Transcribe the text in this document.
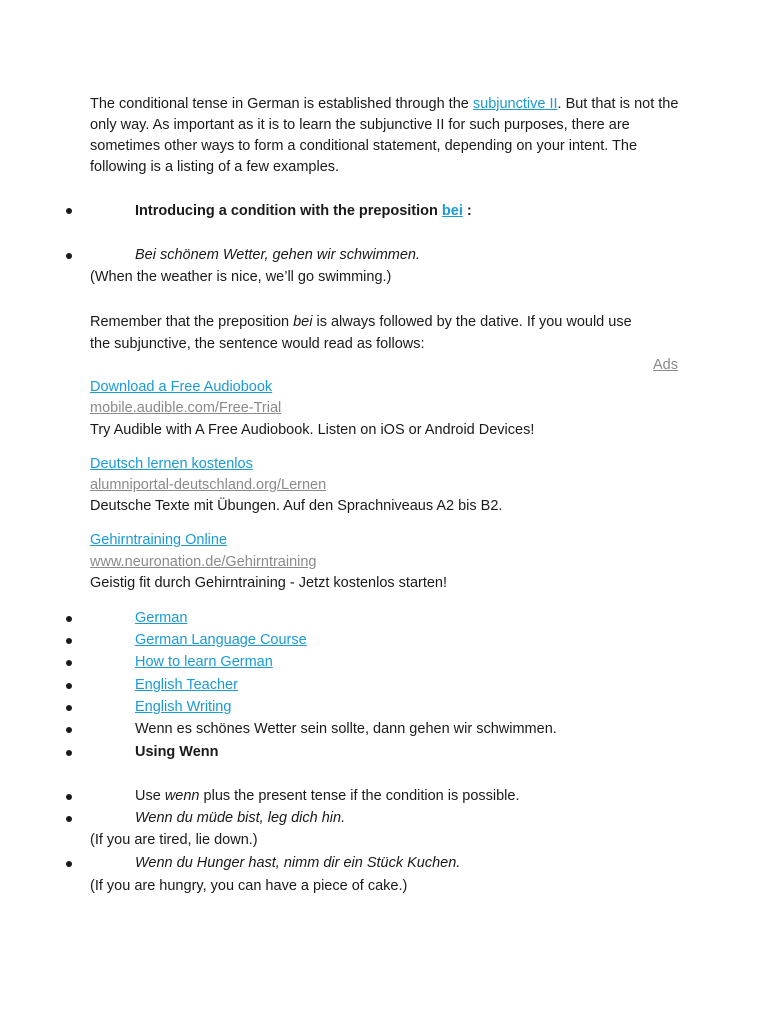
The conditional tense in German is established through the subjunctive II. But that is not the only way. As important as it is to learn the subjunctive II for such purposes, there are sometimes other ways to form a conditional statement, depending on your intent. The following is a listing of a few examples.

Introducing a condition with the preposition bei :
Bei schönem Wetter, gehen wir schwimmen.
(When the weather is nice, we’ll go swimming.)
Remember that the preposition bei is always followed by the dative. If you would use
the subjunctive, the sentence would read as follows:
Ads
Download a Free Audiobook
mobile.audible.com/Free-Trial
Try Audible with A Free Audiobook. Listen on iOS or Android Devices!
Deutsch lernen kostenlos
alumniportal-deutschland.org/Lernen
Deutsche Texte mit Übungen. Auf den Sprachniveaus A2 bis B2.
Gehirntraining Online
www.neuronation.de/Gehirntraining
Geistig fit durch Gehirntraining - Jetzt kostenlos starten!
German
German Language Course
How to learn German
English Teacher
English Writing
Wenn es schönes Wetter sein sollte, dann gehen wir schwimmen.
Using Wenn
Use wenn plus the present tense if the condition is possible.
Wenn du müde bist, leg dich hin.
(If you are tired, lie down.)
Wenn du Hunger hast, nimm dir ein Stück Kuchen.
(If you are hungry, you can have a piece of cake.)
